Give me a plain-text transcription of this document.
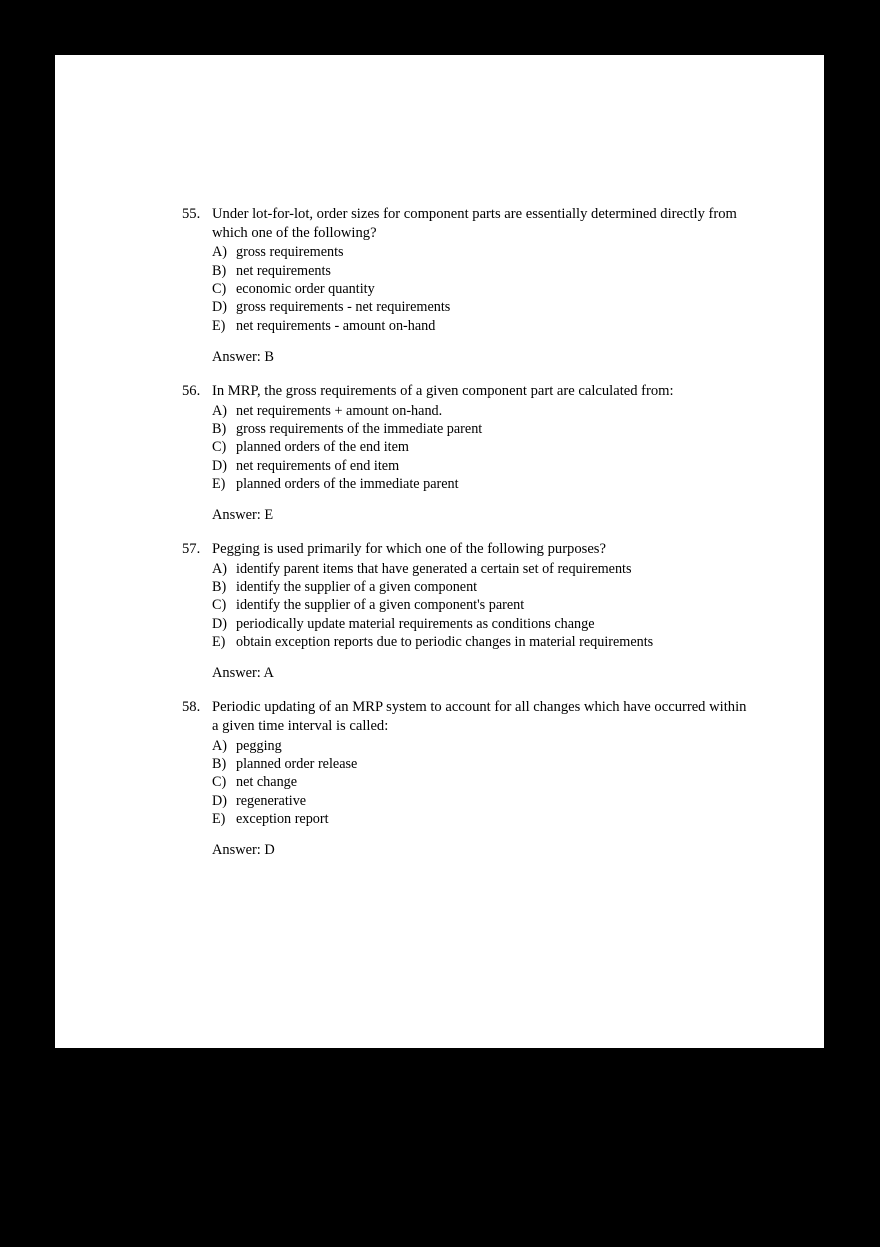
55. Under lot-for-lot, order sizes for component parts are essentially determined directly from which one of the following?
A) gross requirements
B) net requirements
C) economic order quantity
D) gross requirements - net requirements
E) net requirements - amount on-hand
Answer: B
56. In MRP, the gross requirements of a given component part are calculated from:
A) net requirements + amount on-hand.
B) gross requirements of the immediate parent
C) planned orders of the end item
D) net requirements of end item
E) planned orders of the immediate parent
Answer: E
57. Pegging is used primarily for which one of the following purposes?
A) identify parent items that have generated a certain set of requirements
B) identify the supplier of a given component
C) identify the supplier of a given component's parent
D) periodically update material requirements as conditions change
E) obtain exception reports due to periodic changes in material requirements
Answer: A
58. Periodic updating of an MRP system to account for all changes which have occurred within a given time interval is called:
A) pegging
B) planned order release
C) net change
D) regenerative
E) exception report
Answer: D
